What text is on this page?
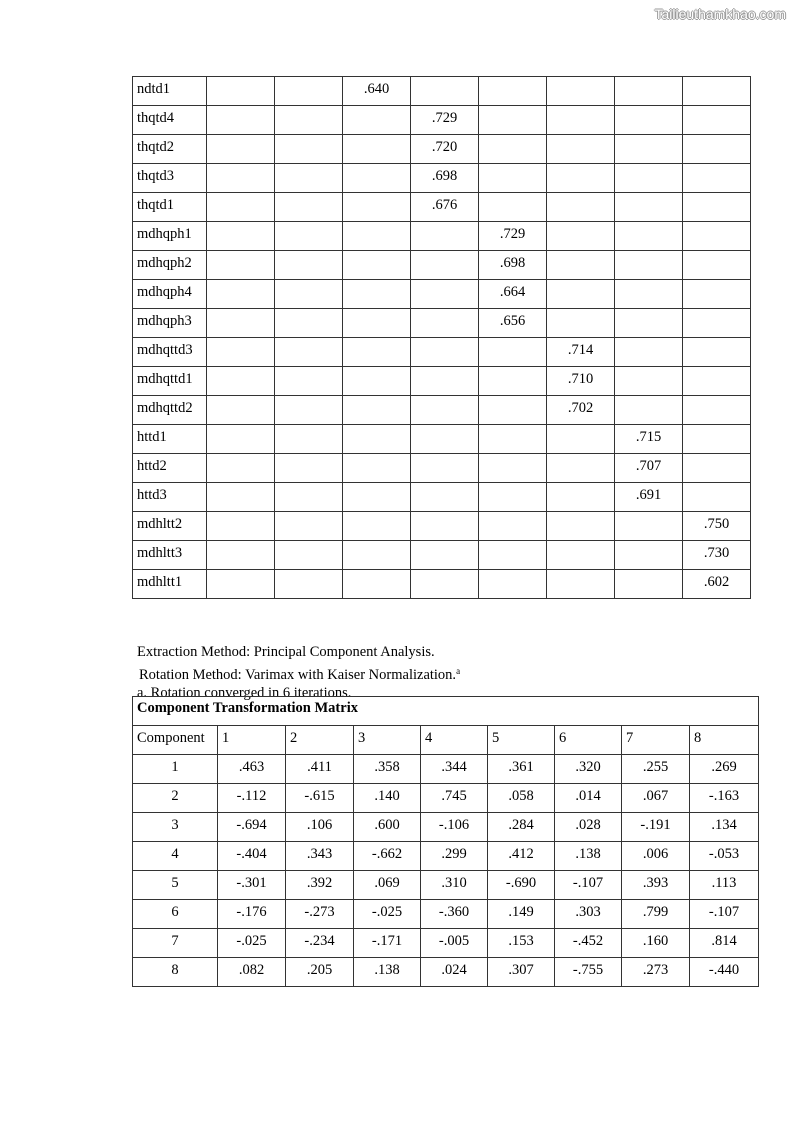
Tailieuthamkhao.com
ndtd1			.640					
thqtd4				.729				
thqtd2				.720				
thqtd3				.698				
thqtd1				.676				
mdhqph1					.729			
mdhqph2					.698			
mdhqph4					.664			
mdhqph3					.656			
mdhqttd3						.714		
mdhqttd1						.710		
mdhqttd2						.702		
httd1							.715	
httd2							.707	
httd3							.691	
mdhltt2								.750
mdhltt3								.730
mdhltt1								.602
Extraction Method: Principal Component Analysis.
Rotation Method: Varimax with Kaiser Normalization.$^a$
a. Rotation converged in 6 iterations.
Component Transformation Matrix								
Component	1	2	3	4	5	6	7	8
1	.463	.411	.358	.344	.361	.320	.255	.269
2	-.112	-.615	.140	.745	.058	.014	.067	-.163
3	-.694	.106	.600	-.106	.284	.028	-.191	.134
4	-.404	.343	-.662	.299	.412	.138	.006	-.053
5	-.301	.392	.069	.310	-.690	-.107	.393	.113
6	-.176	-.273	-.025	-.360	.149	.303	.799	-.107
7	-.025	-.234	-.171	-.005	.153	-.452	.160	.814
8	.082	.205	.138	.024	.307	-.755	.273	-.440
